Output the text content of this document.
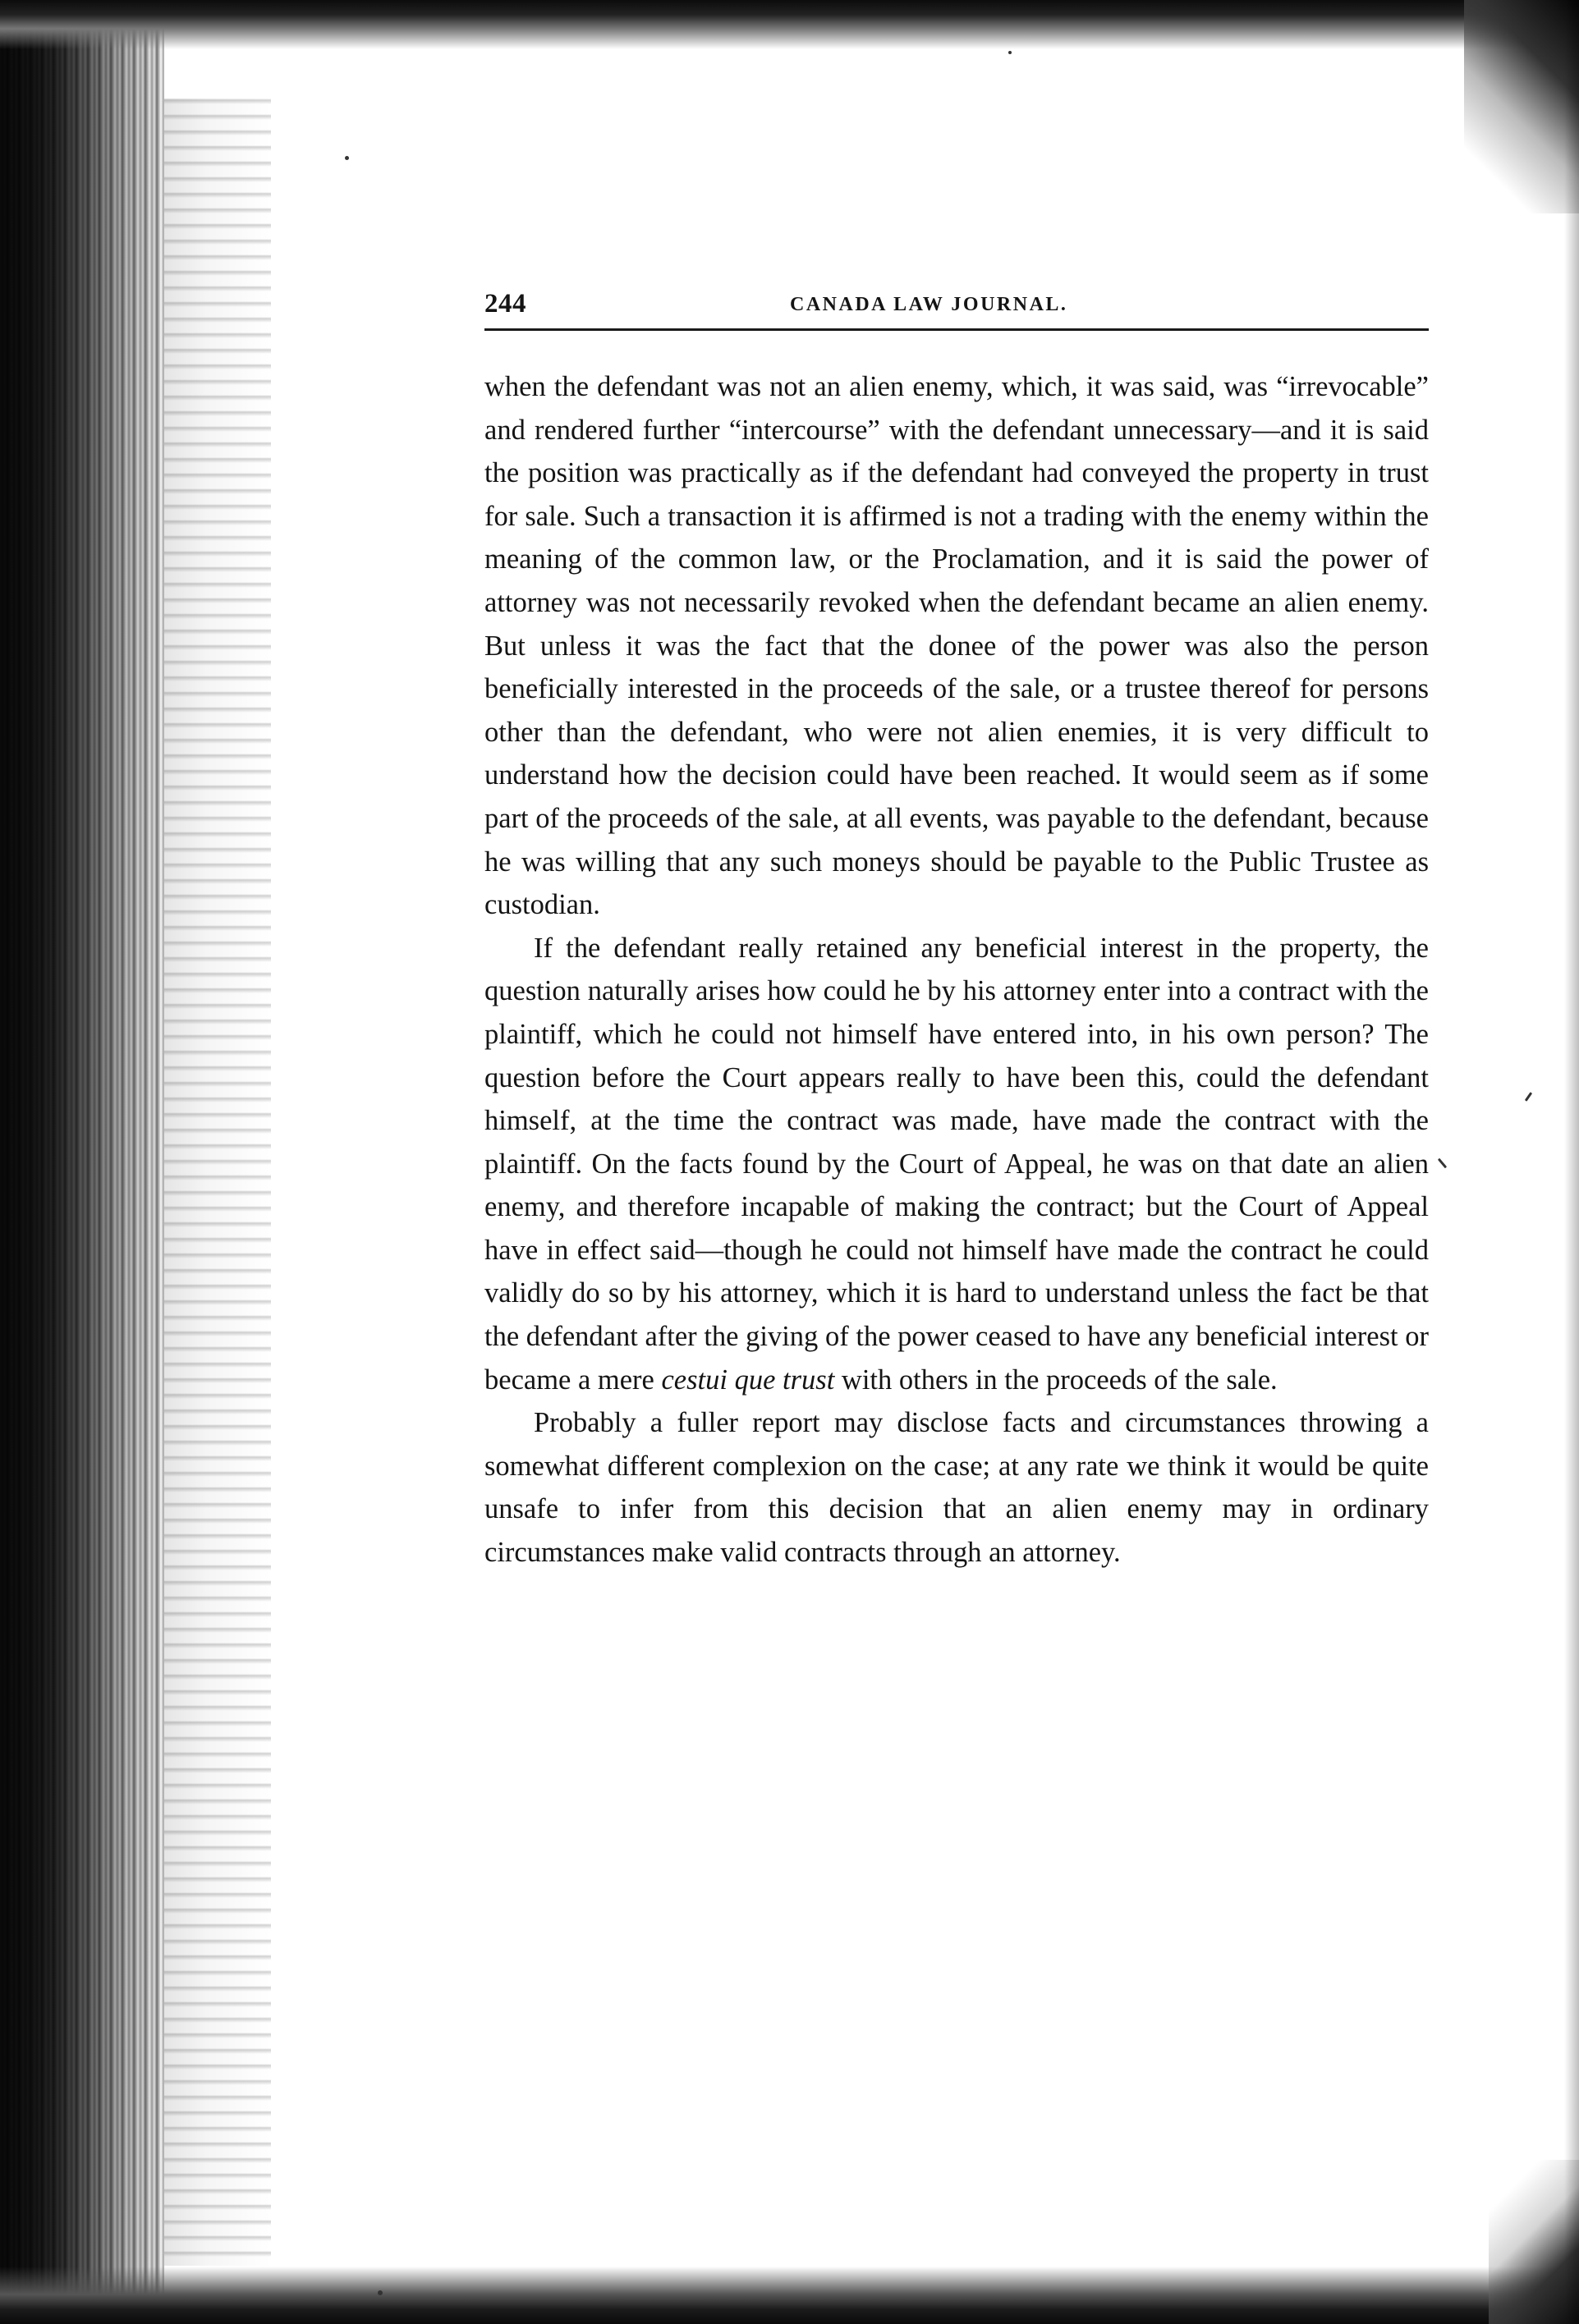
244	CANADA LAW JOURNAL.

when the defendant was not an alien enemy, which, it was said, was “irrevocable” and rendered further “intercourse” with the defendant unnecessary—and it is said the position was practically as if the defendant had conveyed the property in trust for sale. Such a transaction it is affirmed is not a trading with the enemy within the meaning of the common law, or the Proclamation, and it is said the power of attorney was not necessarily revoked when the defendant became an alien enemy. But unless it was the fact that the donee of the power was also the person beneficially interested in the proceeds of the sale, or a trustee thereof for persons other than the defendant, who were not alien enemies, it is very difficult to understand how the decision could have been reached. It would seem as if some part of the proceeds of the sale, at all events, was payable to the defendant, because he was willing that any such moneys should be payable to the Public Trustee as custodian.

If the defendant really retained any beneficial interest in the property, the question naturally arises how could he by his attorney enter into a contract with the plaintiff, which he could not himself have entered into, in his own person? The question before the Court appears really to have been this, could the defendant himself, at the time the contract was made, have made the contract with the plaintiff. On the facts found by the Court of Appeal, he was on that date an alien enemy, and therefore incapable of making the contract; but the Court of Appeal have in effect said—though he could not himself have made the contract he could validly do so by his attorney, which it is hard to understand unless the fact be that the defendant after the giving of the power ceased to have any beneficial interest or became a mere cestui que trust with others in the proceeds of the sale.

Probably a fuller report may disclose facts and circumstances throwing a somewhat different complexion on the case; at any rate we think it would be quite unsafe to infer from this decision that an alien enemy may in ordinary circumstances make valid contracts through an attorney.
